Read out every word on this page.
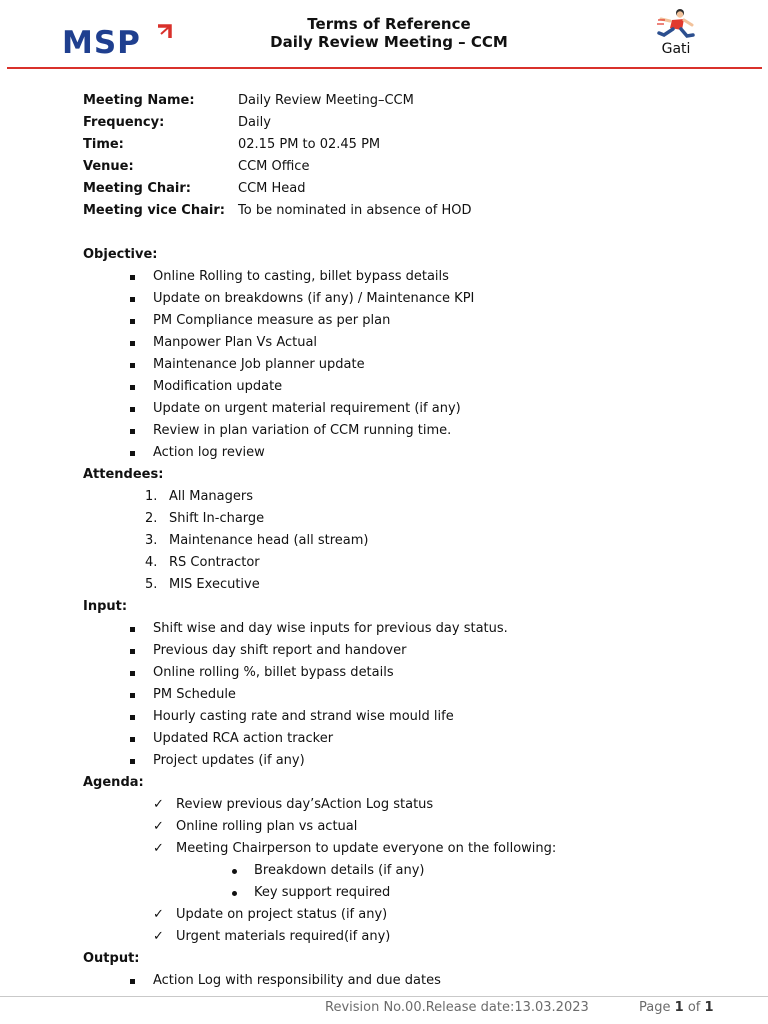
MSP
Terms of Reference
Daily Review Meeting – CCM	Gati
Meeting Name:	Daily Review Meeting–CCM
Frequency:	Daily
Time:	02.15 PM to 02.45 PM
Venue:	CCM Office
Meeting Chair:	CCM Head
Meeting vice Chair: To be nominated in absence of HOD
Objective:
Online Rolling to casting, billet bypass details
Update on breakdowns (if any) / Maintenance KPI
PM Compliance measure as per plan
Manpower Plan Vs Actual
Maintenance Job planner update
Modification update
Update on urgent material requirement (if any)
Review in plan variation of CCM running time.
Action log review
Attendees:
1. All Managers
2. Shift In-charge
3. Maintenance head (all stream)
4. RS Contractor
5. MIS Executive
Input:
Shift wise and day wise inputs for previous day status.
Previous day shift report and handover
Online rolling %, billet bypass details
PM Schedule
Hourly casting rate and strand wise mould life
Updated RCA action tracker
Project updates (if any)
Agenda:
✓ Review previous day’sAction Log status
✓ Online rolling plan vs actual
✓ Meeting Chairperson to update everyone on the following:
Breakdown details (if any)
Key support required
✓ Update on project status (if any)
✓ Urgent materials required(if any)
Output:
Action Log with responsibility and due dates
Revision No.00.Release date:13.03.2023	Page 1 of 1
